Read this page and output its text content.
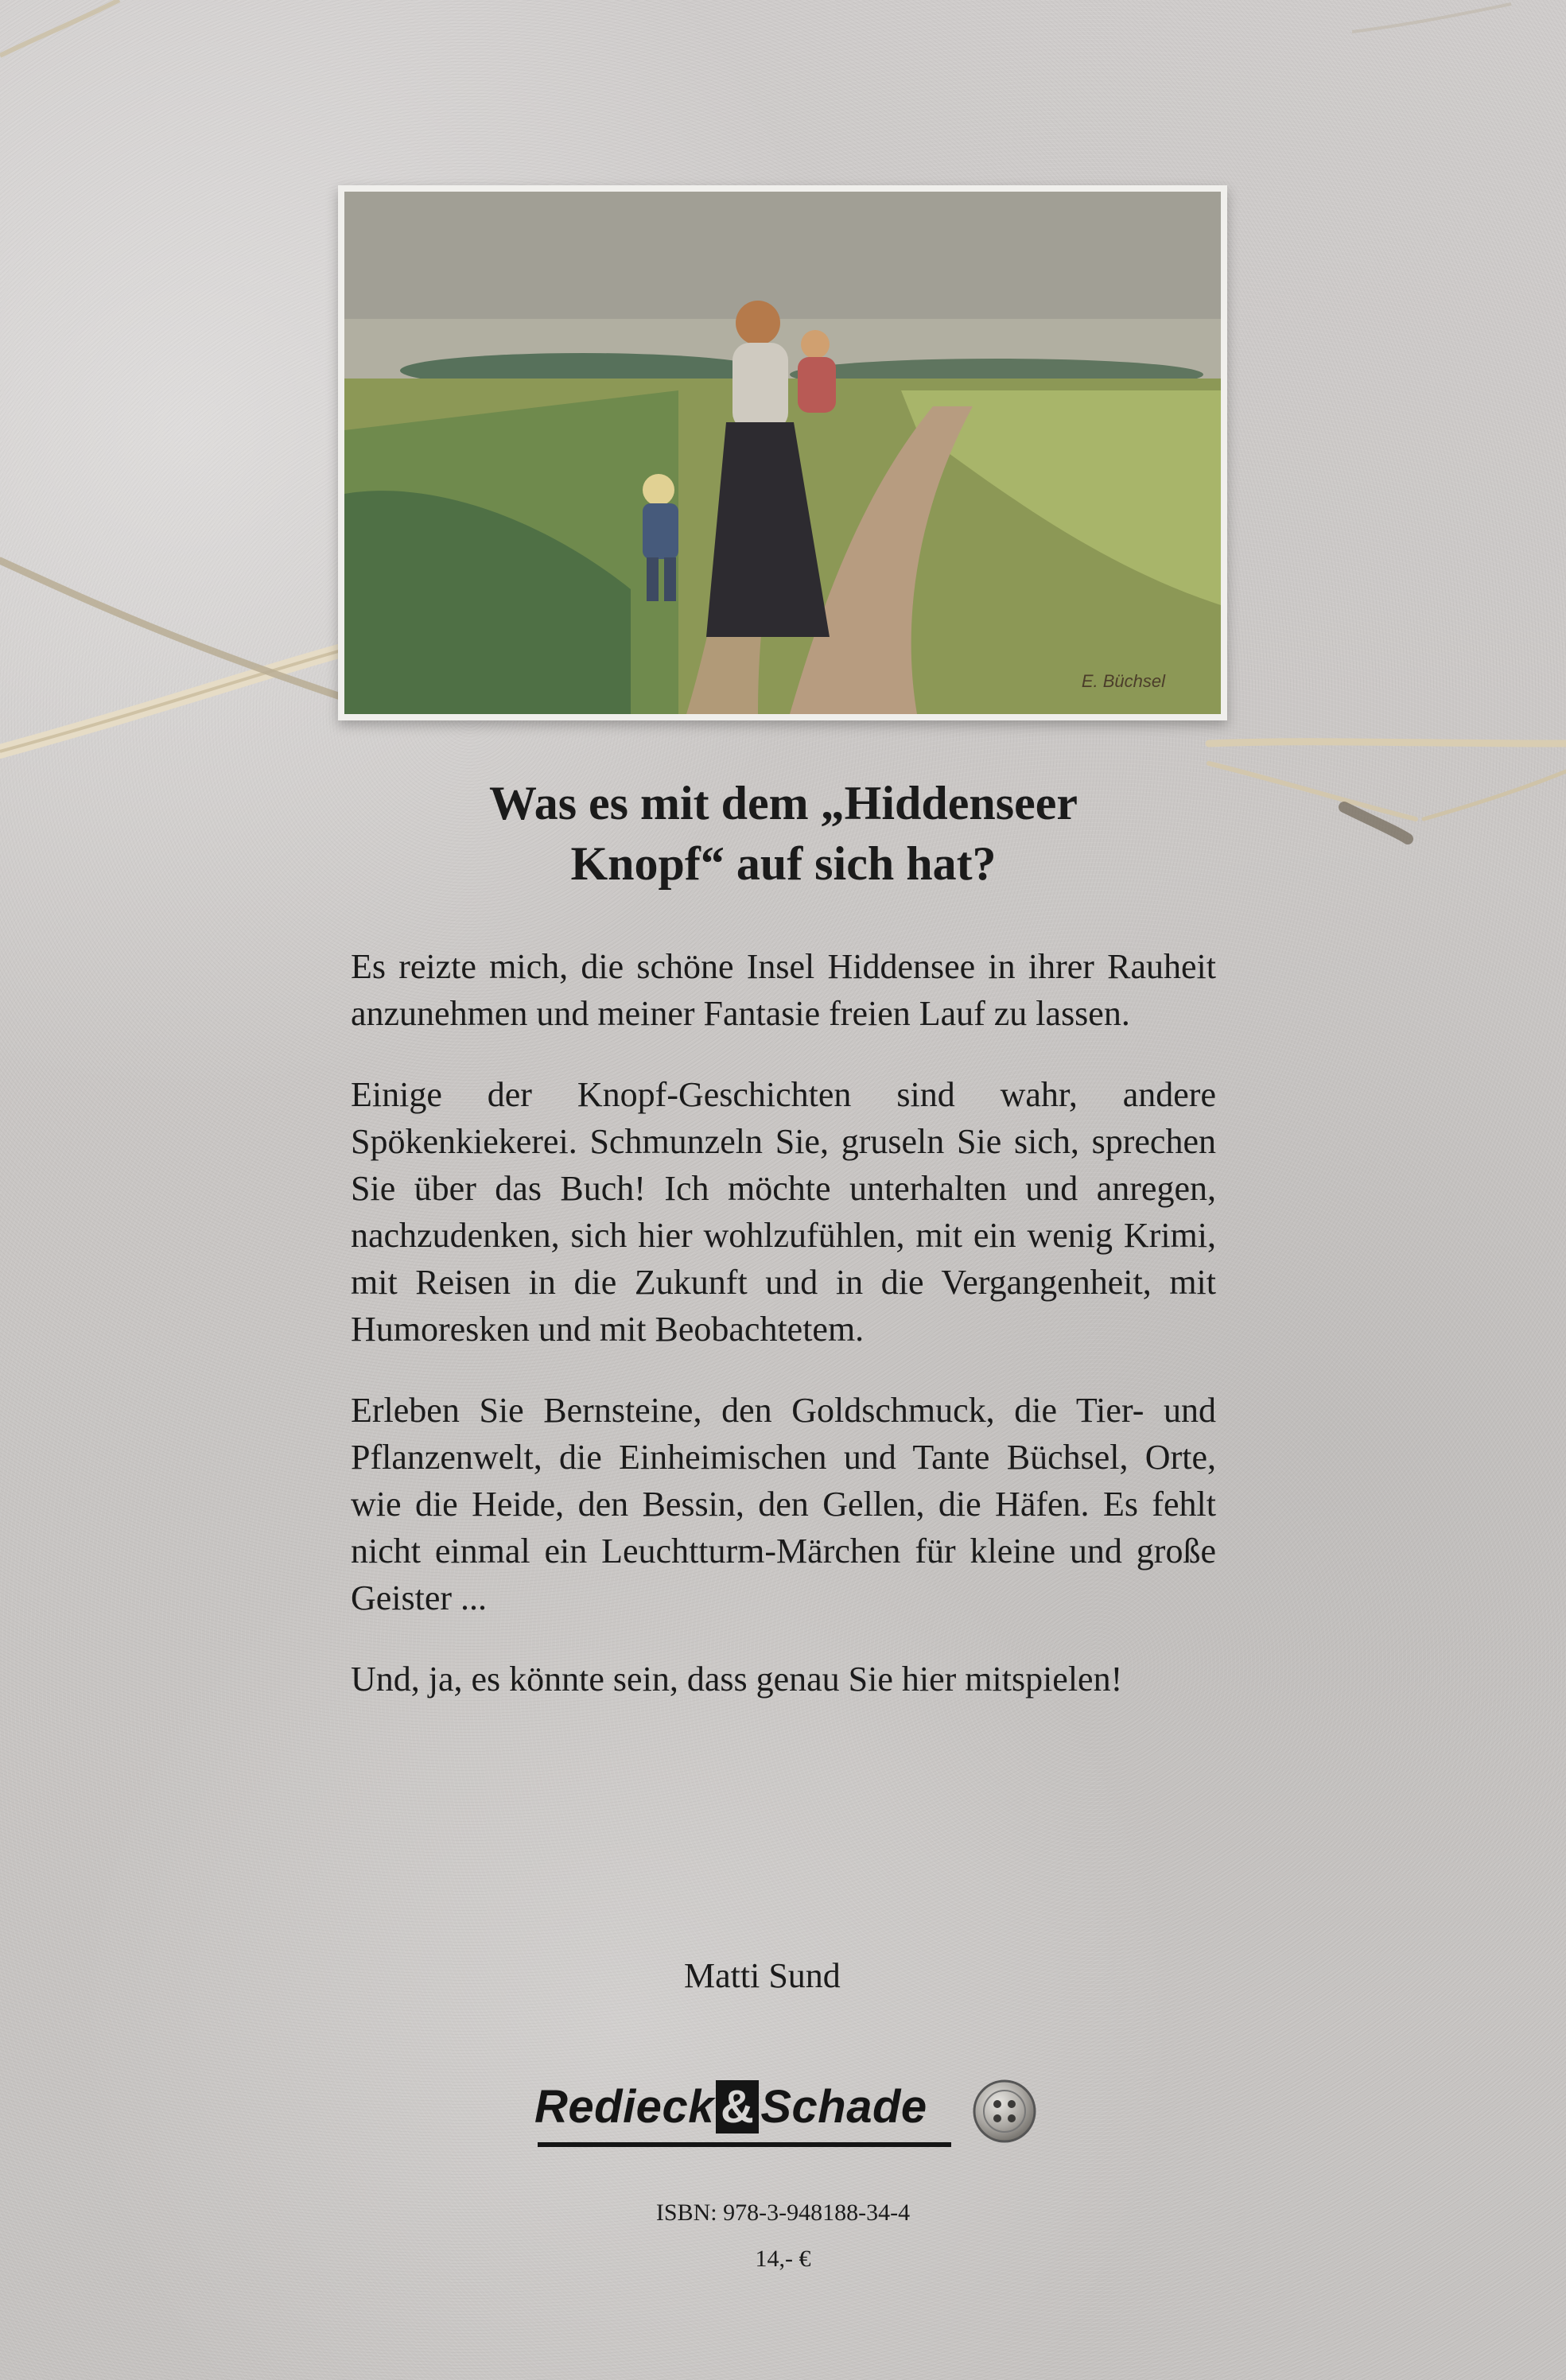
E. Büchsel
Was es mit dem „Hiddenseer
Knopf“ auf sich hat?

Es reizte mich, die schöne Insel Hiddensee in ihrer Rauheit anzunehmen und meiner Fantasie freien Lauf zu lassen.

Einige der Knopf-Geschichten sind wahr, andere Spökenkiekerei. Schmunzeln Sie, gruseln Sie sich, sprechen Sie über das Buch! Ich möchte unterhalten und anregen, nachzudenken, sich hier wohlzufühlen, mit ein wenig Krimi, mit Reisen in die Zukunft und in die Vergangenheit, mit Humoresken und mit Beobachtetem.

Erleben Sie Bernsteine, den Goldschmuck, die Tier- und Pflanzenwelt, die Einheimischen und Tante Büchsel, Orte, wie die Heide, den Bessin, den Gellen, die Häfen. Es fehlt nicht einmal ein Leuchtturm-Märchen für kleine und große Geister ...

Und, ja, es könnte sein, dass genau Sie hier mitspielen!

Matti Sund
Redieck & Schade
ISBN: 978-3-948188-34-4
14,- €
